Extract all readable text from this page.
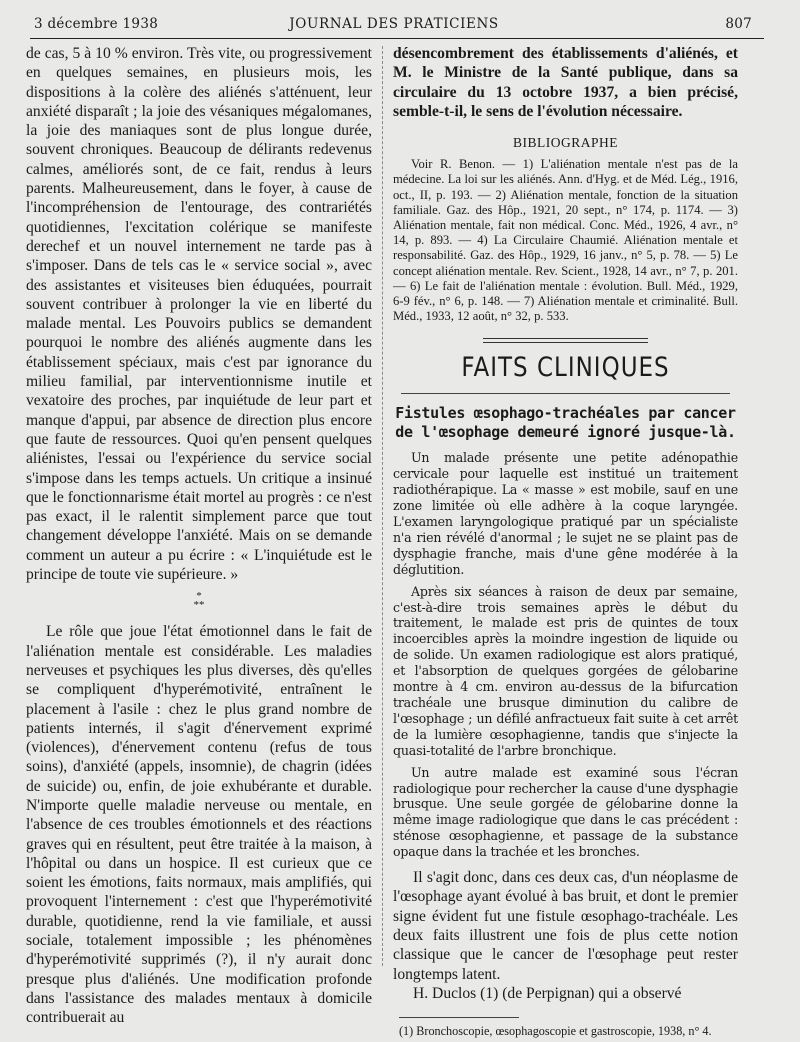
3 décembre 1938	JOURNAL DES PRATICIENS	807

de cas, 5 à 10 % environ. Très vite, ou progressivement en quelques semaines, en plusieurs mois, les dispositions à la colère des aliénés s'atténuent, leur anxiété disparaît ; la joie des vésaniques mégalomanes, la joie des maniaques sont de plus longue durée, souvent chroniques. Beaucoup de délirants redevenus calmes, améliorés sont, de ce fait, rendus à leurs parents. Malheureusement, dans le foyer, à cause de l'incompréhension de l'entourage, des contrariétés quotidiennes, l'excitation colérique se manifeste derechef et un nouvel internement ne tarde pas à s'imposer. Dans de tels cas le « service social », avec des assistantes et visiteuses bien éduquées, pourrait souvent contribuer à prolonger la vie en liberté du malade mental. Les Pouvoirs publics se demandent pourquoi le nombre des aliénés augmente dans les établissement spéciaux, mais c'est par ignorance du milieu familial, par interventionnisme inutile et vexatoire des proches, par inquiétude de leur part et manque d'appui, par absence de direction plus encore que faute de ressources. Quoi qu'en pensent quelques aliénistes, l'essai ou l'expérience du service social s'impose dans les temps actuels. Un critique a insinué que le fonctionnarisme était mortel au progrès : ce n'est pas exact, il le ralentit simplement parce que tout changement développe l'anxiété. Mais on se demande comment un auteur a pu écrire : « L'inquiétude est le principe de toute vie supérieure. »

*
**

Le rôle que joue l'état émotionnel dans le fait de l'aliénation mentale est considérable. Les maladies nerveuses et psychiques les plus diverses, dès qu'elles se compliquent d'hyperémotivité, entraînent le placement à l'asile : chez le plus grand nombre de patients internés, il s'agit d'énervement exprimé (violences), d'énervement contenu (refus de tous soins), d'anxiété (appels, insomnie), de chagrin (idées de suicide) ou, enfin, de joie exhubérante et durable. N'importe quelle maladie nerveuse ou mentale, en l'absence de ces troubles émotionnels et des réactions graves qui en résultent, peut être traitée à la maison, à l'hôpital ou dans un hospice. Il est curieux que ce soient les émotions, faits normaux, mais amplifiés, qui provoquent l'internement : c'est que l'hyperémotivité durable, quotidienne, rend la vie familiale, et aussi sociale, totalement impossible ; les phénomènes d'hyperémotivité supprimés (?), il n'y aurait donc presque plus d'aliénés. Une modification profonde dans l'assistance des malades mentaux à domicile contribuerait au

désencombrement des établissements d'aliénés, et M. le Ministre de la Santé publique, dans sa circulaire du 13 octobre 1937, a bien précisé, semble-t-il, le sens de l'évolution nécessaire.

BIBLIOGRAPHE

Voir R. Benon. — 1) L'aliénation mentale n'est pas de la médecine. La loi sur les aliénés. Ann. d'Hyg. et de Méd. Lég., 1916, oct., II, p. 193. — 2) Aliénation mentale, fonction de la situation familiale. Gaz. des Hôp., 1921, 20 sept., n° 174, p. 1174. — 3) Aliénation mentale, fait non médical. Conc. Méd., 1926, 4 avr., n° 14, p. 893. — 4) La Circulaire Chaumié. Aliénation mentale et responsabilité. Gaz. des Hôp., 1929, 16 janv., n° 5, p. 78. — 5) Le concept aliénation mentale. Rev. Scient., 1928, 14 avr., n° 7, p. 201. — 6) Le fait de l'aliénation mentale : évolution. Bull. Méd., 1929, 6-9 fév., n° 6, p. 148. — 7) Aliénation mentale et criminalité. Bull. Méd., 1933, 12 août, n° 32, p. 533.

FAITS CLINIQUES
Fistules œsophago-trachéales par cancer de l'œsophage demeuré ignoré jusque-là.

Un malade présente une petite adénopathie cervicale pour laquelle est institué un traitement radiothérapique. La « masse » est mobile, sauf en une zone limitée où elle adhère à la coque laryngée. L'examen laryngologique pratiqué par un spécialiste n'a rien révélé d'anormal ; le sujet ne se plaint pas de dysphagie franche, mais d'une gêne modérée à la déglutition.

Après six séances à raison de deux par semaine, c'est-à-dire trois semaines après le début du traitement, le malade est pris de quintes de toux incoercibles après la moindre ingestion de liquide ou de solide. Un examen radiologique est alors pratiqué, et l'absorption de quelques gorgées de gélobarine montre à 4 cm. environ au-dessus de la bifurcation trachéale une brusque diminution du calibre de l'œsophage ; un défilé anfractueux fait suite à cet arrêt de la lumière œsophagienne, tandis que s'injecte la quasi-totalité de l'arbre bronchique.

Un autre malade est examiné sous l'écran radiologique pour rechercher la cause d'une dysphagie brusque. Une seule gorgée de gélobarine donne la même image radiologique que dans le cas précédent : sténose œsophagienne, et passage de la substance opaque dans la trachée et les bronches.

Il s'agit donc, dans ces deux cas, d'un néoplasme de l'œsophage ayant évolué à bas bruit, et dont le premier signe évident fut une fistule œsophago-trachéale. Les deux faits illustrent une fois de plus cette notion classique que le cancer de l'œsophage peut rester longtemps latent.

H. Duclos (1) (de Perpignan) qui a observé

(1) Bronchoscopie, œsophagoscopie et gastroscopie, 1938, n° 4.
